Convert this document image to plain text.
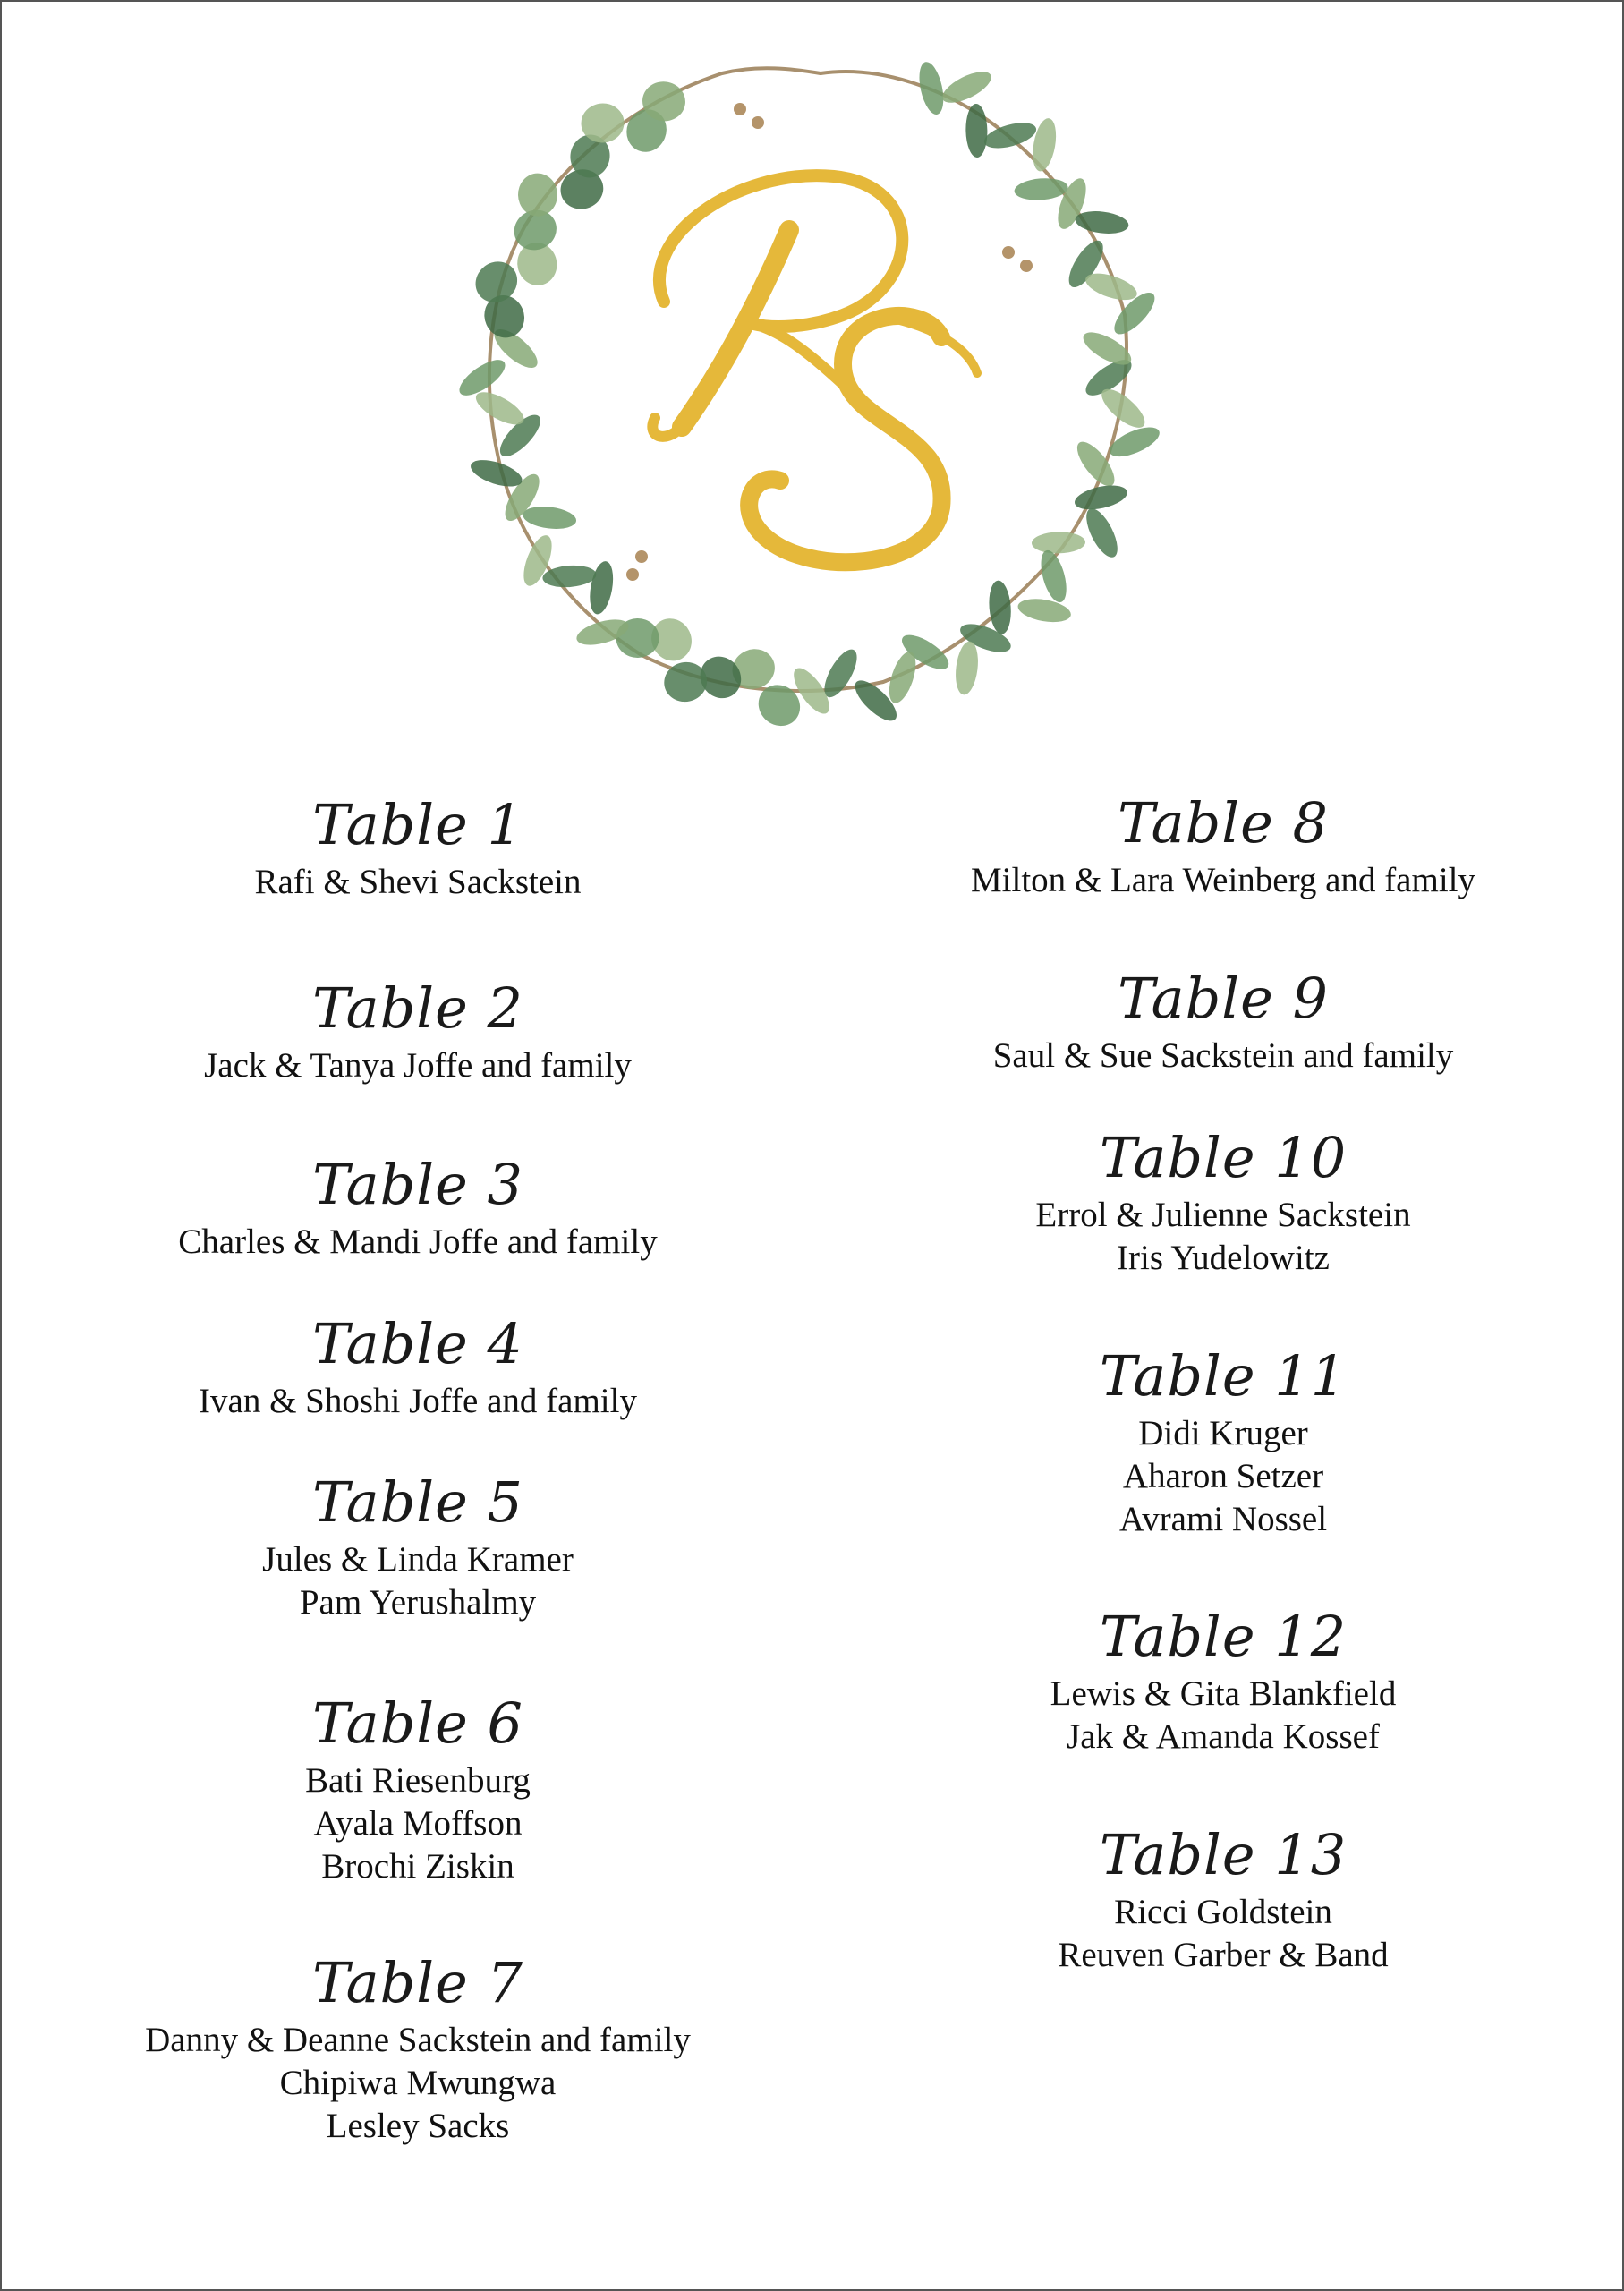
Table 1
Rafi & Shevi Sackstein
Table 2
Jack & Tanya Joffe and family
Table 3
Charles & Mandi Joffe and family
Table 4
Ivan & Shoshi Joffe and family
Table 5
Jules & Linda Kramer
Pam Yerushalmy
Table 6
Bati Riesenburg
Ayala Moffson
Brochi Ziskin
Table 7
Danny & Deanne Sackstein and family
Chipiwa Mwungwa
Lesley Sacks
Table 8
Milton & Lara Weinberg and family
Table 9
Saul & Sue Sackstein and family
Table 10
Errol & Julienne Sackstein
Iris Yudelowitz
Table 11
Didi Kruger
Aharon Setzer
Avrami Nossel
Table 12
Lewis & Gita Blankfield
Jak & Amanda Kossef
Table 13
Ricci Goldstein
Reuven Garber & Band
